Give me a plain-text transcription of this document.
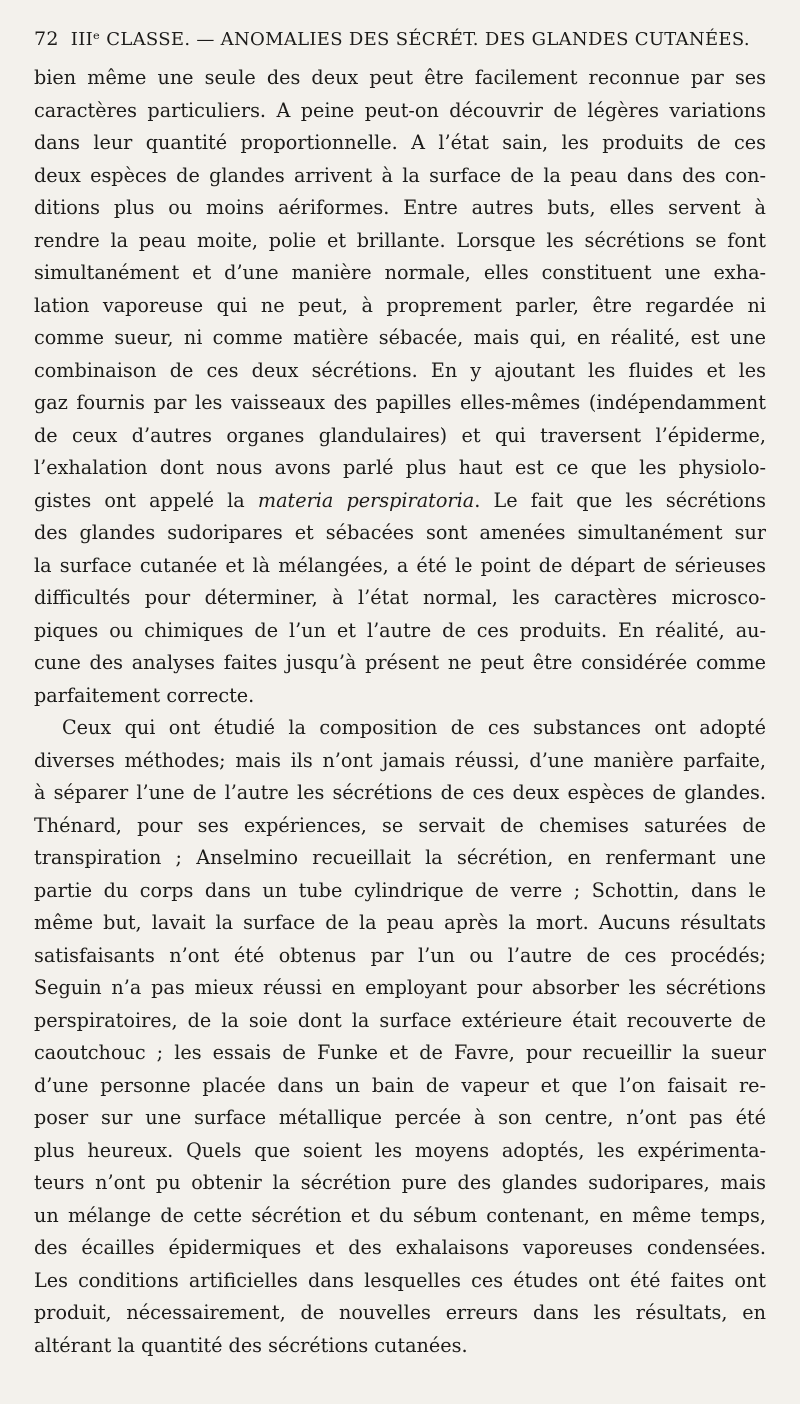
72 IIIᵉ CLASSE. — ANOMALIES DES SÉCRÉT. DES GLANDES CUTANÉES.

bien même une seule des deux peut être facilement reconnue par ses
caractères particuliers. A peine peut-on découvrir de légères variations
dans leur quantité proportionnelle. A l’état sain, les produits de ces
deux espèces de glandes arrivent à la surface de la peau dans des con-
ditions plus ou moins aériformes. Entre autres buts, elles servent à
rendre la peau moite, polie et brillante. Lorsque les sécrétions se font
simultanément et d’une manière normale, elles constituent une exha-
lation vaporeuse qui ne peut, à proprement parler, être regardée ni
comme sueur, ni comme matière sébacée, mais qui, en réalité, est une
combinaison de ces deux sécrétions. En y ajoutant les fluides et les
gaz fournis par les vaisseaux des papilles elles-mêmes (indépendamment
de ceux d’autres organes glandulaires) et qui traversent l’épiderme,
l’exhalation dont nous avons parlé plus haut est ce que les physiolo-
gistes ont appelé la materia perspiratoria. Le fait que les sécrétions
des glandes sudoripares et sébacées sont amenées simultanément sur
la surface cutanée et là mélangées, a été le point de départ de sérieuses
difficultés pour déterminer, à l’état normal, les caractères microsco-
piques ou chimiques de l’un et l’autre de ces produits. En réalité, au-
cune des analyses faites jusqu’à présent ne peut être considérée comme
parfaitement correcte.

Ceux qui ont étudié la composition de ces substances ont adopté
diverses méthodes; mais ils n’ont jamais réussi, d’une manière parfaite,
à séparer l’une de l’autre les sécrétions de ces deux espèces de glandes.
Thénard, pour ses expériences, se servait de chemises saturées de
transpiration ; Anselmino recueillait la sécrétion, en renfermant une
partie du corps dans un tube cylindrique de verre ; Schottin, dans le
même but, lavait la surface de la peau après la mort. Aucuns résultats
satisfaisants n’ont été obtenus par l’un ou l’autre de ces procédés;
Seguin n’a pas mieux réussi en employant pour absorber les sécrétions
perspiratoires, de la soie dont la surface extérieure était recouverte de
caoutchouc ; les essais de Funke et de Favre, pour recueillir la sueur
d’une personne placée dans un bain de vapeur et que l’on faisait re-
poser sur une surface métallique percée à son centre, n’ont pas été
plus heureux. Quels que soient les moyens adoptés, les expérimenta-
teurs n’ont pu obtenir la sécrétion pure des glandes sudoripares, mais
un mélange de cette sécrétion et du sébum contenant, en même temps,
des écailles épidermiques et des exhalaisons vaporeuses condensées.
Les conditions artificielles dans lesquelles ces études ont été faites ont
produit, nécessairement, de nouvelles erreurs dans les résultats, en
altérant la quantité des sécrétions cutanées.
